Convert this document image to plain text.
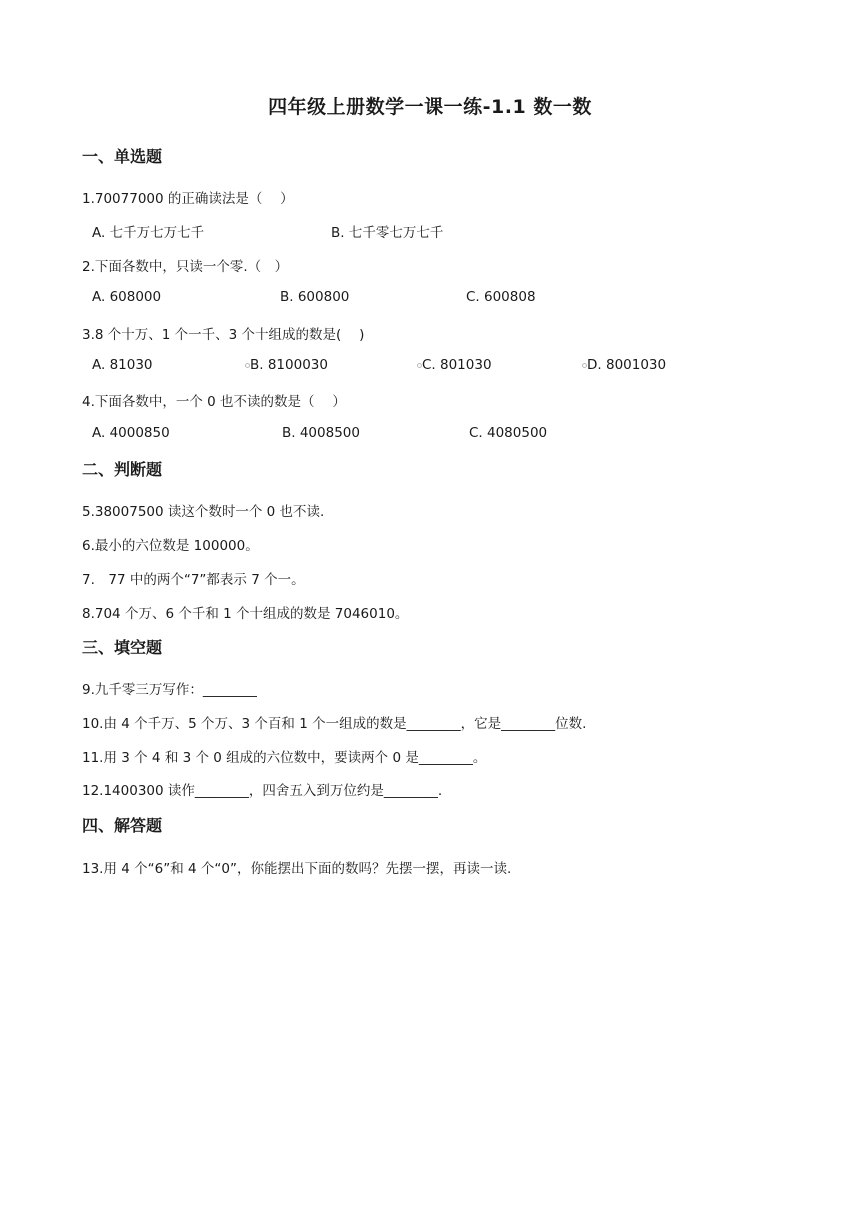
四年级上册数学一课一练-1.1 数一数
一、单选题
1.70077000 的正确读法是（　 ）
A. 七千万七万七千	B. 七千零七万七千
2.下面各数中，只读一个零.（　）
A. 608000	B. 600800	C. 600808
3.8 个十万、1 个一千、3 个十组成的数是(　 )
A. 81030	B. 8100030	C. 801030	D. 8001030
4.下面各数中，一个 0 也不读的数是（　 ）
A. 4000850	B. 4008500	C. 4080500
二、判断题
5.38007500 读这个数时一个 0 也不读.
6.最小的六位数是 100000。
7.　77 中的两个“7”都表示 7 个一。
8.704 个万、6 个千和 1 个十组成的数是 7046010。
三、填空题
9.九千零三万写作：________
10.由 4 个千万、5 个万、3 个百和 1 个一组成的数是________，它是________位数.
11.用 3 个 4 和 3 个 0 组成的六位数中，要读两个 0 是________。
12.1400300 读作________，四舍五入到万位约是________.
四、解答题
13.用 4 个“6”和 4 个“0”，你能摆出下面的数吗？先摆一摆，再读一读.
